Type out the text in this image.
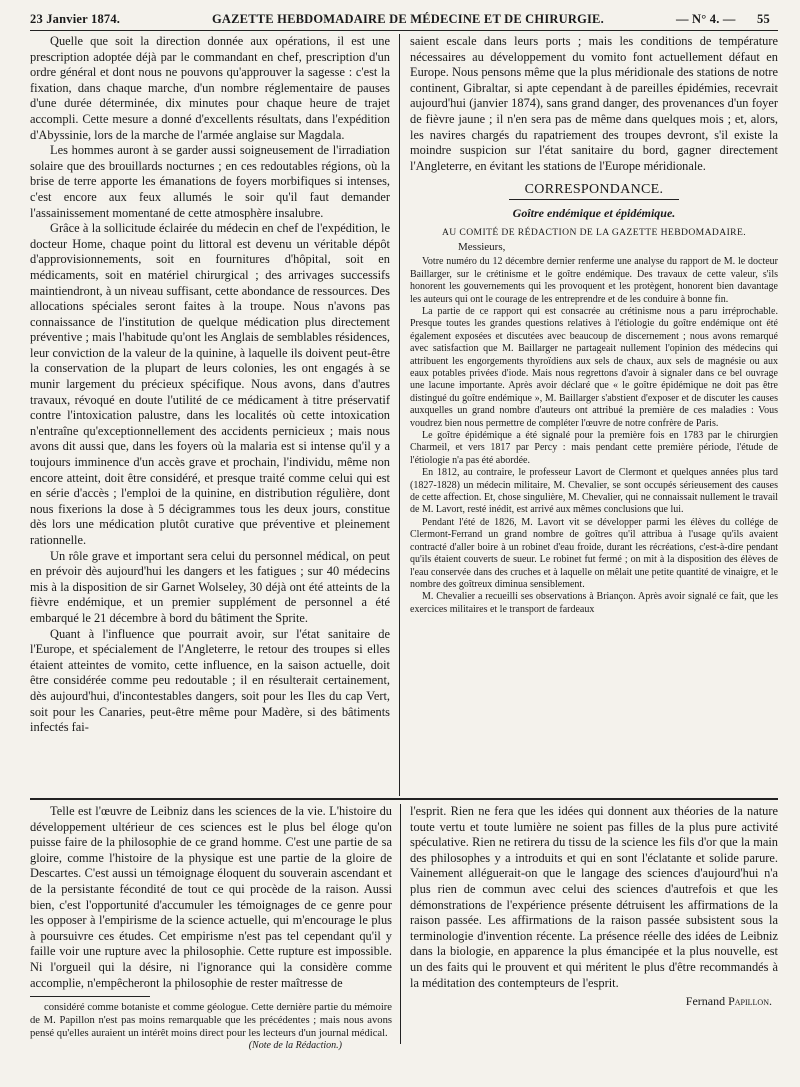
23 Janvier 1874.	GAZETTE HEBDOMADAIRE DE MÉDECINE ET DE CHIRURGIE.	— N° 4. — 55

Quelle que soit la direction donnée aux opérations, il est une prescription adoptée déjà par le commandant en chef, prescription d'un ordre général et dont nous ne pouvons qu'approuver la sagesse : c'est la fixation, dans chaque marche, d'un nombre réglementaire de pauses d'une durée déterminée, dix minutes pour chaque heure de trajet accompli. Cette mesure a donné d'excellents résultats, dans l'expédition d'Abyssinie, lors de la marche de l'armée anglaise sur Magdala.

Les hommes auront à se garder aussi soigneusement de l'irradiation solaire que des brouillards nocturnes ; en ces redoutables régions, où la brise de terre apporte les émanations de foyers morbifiques si intenses, c'est encore aux feux allumés le soir qu'il faut demander l'assainissement momentané de cette atmosphère insalubre.

Grâce à la sollicitude éclairée du médecin en chef de l'expédition, le docteur Home, chaque point du littoral est devenu un véritable dépôt d'approvisionnements, soit en fournitures d'hôpital, soit en médicaments, soit en matériel chirurgical ; des arrivages successifs maintiendront, à un niveau suffisant, cette abondance de ressources. Des allocations spéciales seront faites à la troupe. Nous n'avons pas connaissance de l'institution de quelque médication plus directement préventive ; mais l'habitude qu'ont les Anglais de semblables résidences, leur conviction de la valeur de la quinine, à laquelle ils doivent peut-être la conservation de la plupart de leurs colonies, les ont engagés à se munir largement du précieux spécifique. Nous avons, dans d'autres travaux, révoqué en doute l'utilité de ce médicament à titre préservatif contre l'intoxication palustre, dans les localités où cette intoxication n'entraîne qu'exceptionnellement des accidents pernicieux ; mais nous avons dit aussi que, dans les foyers où la malaria est si intense qu'il y a toujours imminence d'un accès grave et prochain, l'individu, même non encore atteint, doit être considéré, et presque traité comme celui qui est en série d'accès ; l'emploi de la quinine, en distribution régulière, dont nous fixerions la dose à 5 décigrammes tous les deux jours, constitue dès lors une médication plutôt curative que préventive et pleinement rationnelle.

Un rôle grave et important sera celui du personnel médical, on peut en prévoir dès aujourd'hui les dangers et les fatigues ; sur 40 médecins mis à la disposition de sir Garnet Wolseley, 30 déjà ont été atteints de la fièvre endémique, et un premier supplément de personnel a été embarqué le 21 décembre à bord du bâtiment the Sprite.

Quant à l'influence que pourrait avoir, sur l'état sanitaire de l'Europe, et spécialement de l'Angleterre, le retour des troupes si elles étaient atteintes de vomito, cette influence, en la saison actuelle, doit être considérée comme peu redoutable ; il en résulterait certainement, dès aujourd'hui, d'incontestables dangers, soit pour les Iles du cap Vert, soit pour les Canaries, peut-être même pour Madère, si des bâtiments infectés fai-

saient escale dans leurs ports ; mais les conditions de température nécessaires au développement du vomito font actuellement défaut en Europe. Nous pensons même que la plus méridionale des stations de notre continent, Gibraltar, si apte cependant à de pareilles épidémies, recevrait aujourd'hui (janvier 1874), sans grand danger, des provenances d'un foyer de fièvre jaune ; il n'en sera pas de même dans quelques mois ; et, alors, les navires chargés du rapatriement des troupes devront, s'il existe la moindre suspicion sur l'état sanitaire du bord, gagner directement l'Angleterre, en évitant les stations de l'Europe méridionale.

CORRESPONDANCE.
Goître endémique et épidémique.
AU COMITÉ DE RÉDACTION DE LA GAZETTE HEBDOMADAIRE.
Messieurs,

Votre numéro du 12 décembre dernier renferme une analyse du rapport de M. le docteur Baillarger, sur le crétinisme et le goître endémique. Des travaux de cette valeur, s'ils honorent les gouvernements qui les provoquent et les protègent, honorent bien davantage les auteurs qui ont le courage de les entreprendre et de les conduire à bonne fin.

La partie de ce rapport qui est consacrée au crétinisme nous a paru irréprochable. Presque toutes les grandes questions relatives à l'étiologie du goître endémique ont été également exposées et discutées avec beaucoup de discernement ; nous avons remarqué avec satisfaction que M. Baillarger ne partageait nullement l'opinion des médecins qui attribuent les engorgements thyroïdiens aux sels de chaux, aux sels de magnésie ou aux eaux potables privées d'iode. Mais nous regrettons d'avoir à signaler dans ce bel ouvrage une lacune importante. Après avoir déclaré que « le goître épidémique ne doit pas être distingué du goître endémique », M. Baillarger s'abstient d'exposer et de discuter les causes auxquelles un grand nombre d'auteurs ont attribué la première de ces maladies : Vous voudrez bien nous permettre de compléter l'œuvre de notre confrère de Paris.

Le goître épidémique a été signalé pour la première fois en 1783 par le chirurgien Charmeil, et vers 1817 par Percy : mais pendant cette première période, l'étude de l'étiologie n'a pas été abordée.

En 1812, au contraire, le professeur Lavort de Clermont et quelques années plus tard (1827-1828) un médecin militaire, M. Chevalier, se sont occupés sérieusement des causes de cette affection. Et, chose singulière, M. Chevalier, qui ne connaissait nullement le travail de M. Lavort, resté inédit, est arrivé aux mêmes conclusions que lui.

Pendant l'été de 1826, M. Lavort vit se développer parmi les élèves du collége de Clermont-Ferrand un grand nombre de goîtres qu'il attribua à l'usage qu'ils avaient contracté d'aller boire à un robinet d'eau froide, durant les récréations, c'est-à-dire pendant qu'ils étaient couverts de sueur. Le robinet fut fermé ; on mit à la disposition des élèves de l'eau conservée dans des cruches et à laquelle on mêlait une petite quantité de vinaigre, et le nombre des goîtreux diminua sensiblement.

M. Chevalier a recueilli ses observations à Briançon. Après avoir signalé ce fait, que les exercices militaires et le transport de fardeaux

Telle est l'œuvre de Leibniz dans les sciences de la vie. L'histoire du développement ultérieur de ces sciences est le plus bel éloge qu'on puisse faire de la philosophie de ce grand homme. C'est une partie de sa gloire, comme l'histoire de la physique est une partie de la gloire de Descartes. C'est aussi un témoignage éloquent du souverain ascendant et de la persistante fécondité de tout ce qui procède de la raison. Aussi bien, c'est l'opportunité d'accumuler les témoignages de ce genre pour les opposer à l'empirisme de la science actuelle, qui m'encourage le plus à poursuivre ces études. Cet empirisme n'est pas tel cependant qu'il y faille voir une rupture avec la philosophie. Cette rupture est impossible. Ni l'orgueil qui la désire, ni l'ignorance qui la considère comme accomplie, n'empêcheront la philosophie de rester maîtresse de

considéré comme botaniste et comme géologue. Cette dernière partie du mémoire de M. Papillon n'est pas moins remarquable que les précédentes ; mais nous avons pensé qu'elles auraient un intérêt moins direct pour les lecteurs d'un journal médical.

(Note de la Rédaction.)

l'esprit. Rien ne fera que les idées qui donnent aux théories de la nature toute vertu et toute lumière ne soient pas filles de la plus pure activité spéculative. Rien ne retirera du tissu de la science les fils d'or que la main des philosophes y a introduits et qui en sont l'éclatante et solide parure. Vainement alléguerait-on que le langage des sciences d'aujourd'hui n'a plus rien de commun avec celui des sciences d'autrefois et que les démonstrations de l'expérience présente détruisent les affirmations de la raison passée. Les affirmations de la raison passée subsistent sous la terminologie d'invention récente. La présence réelle des idées de Leibniz dans la biologie, en apparence la plus émancipée et la plus nouvelle, est un des faits qui le prouvent et qui méritent le plus d'être recommandés à la méditation des contempteurs de l'esprit.

Fernand Papillon.
